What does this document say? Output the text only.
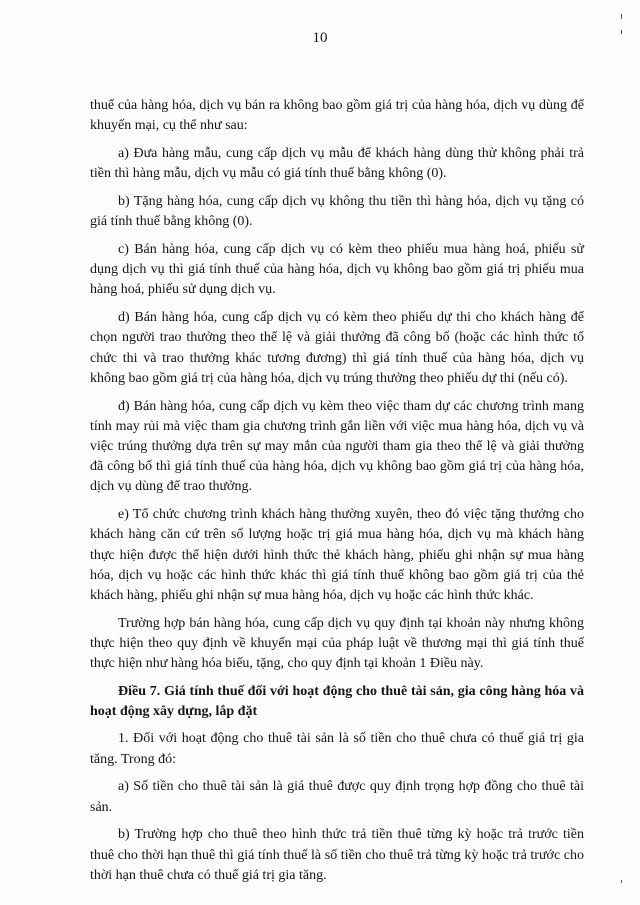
10

thuế của hàng hóa, dịch vụ bán ra không bao gồm giá trị của hàng hóa, dịch vụ dùng để khuyến mại, cụ thể như sau:

a) Đưa hàng mẫu, cung cấp dịch vụ mẫu để khách hàng dùng thử không phải trả tiền thì hàng mẫu, dịch vụ mẫu có giá tính thuế bằng không (0).

b) Tặng hàng hóa, cung cấp dịch vụ không thu tiền thì hàng hóa, dịch vụ tặng có giá tính thuế bằng không (0).

c) Bán hàng hóa, cung cấp dịch vụ có kèm theo phiếu mua hàng hoá, phiếu sử dụng dịch vụ thì giá tính thuế của hàng hóa, dịch vụ không bao gồm giá trị phiếu mua hàng hoá, phiếu sử dụng dịch vụ.

d) Bán hàng hóa, cung cấp dịch vụ có kèm theo phiếu dự thi cho khách hàng để chọn người trao thưởng theo thể lệ và giải thưởng đã công bố (hoặc các hình thức tổ chức thi và trao thưởng khác tương đương) thì giá tính thuế của hàng hóa, dịch vụ không bao gồm giá trị của hàng hóa, dịch vụ trúng thưởng theo phiếu dự thi (nếu có).

đ) Bán hàng hóa, cung cấp dịch vụ kèm theo việc tham dự các chương trình mang tính may rủi mà việc tham gia chương trình gắn liền với việc mua hàng hóa, dịch vụ và việc trúng thưởng dựa trên sự may mắn của người tham gia theo thể lệ và giải thưởng đã công bố thì giá tính thuế của hàng hóa, dịch vụ không bao gồm giá trị của hàng hóa, dịch vụ dùng để trao thưởng.

e) Tổ chức chương trình khách hàng thường xuyên, theo đó việc tặng thưởng cho khách hàng căn cứ trên số lượng hoặc trị giá mua hàng hóa, dịch vụ mà khách hàng thực hiện được thể hiện dưới hình thức thẻ khách hàng, phiếu ghi nhận sự mua hàng hóa, dịch vụ hoặc các hình thức khác thì giá tính thuế không bao gồm giá trị của thẻ khách hàng, phiếu ghi nhận sự mua hàng hóa, dịch vụ hoặc các hình thức khác.

Trường hợp bán hàng hóa, cung cấp dịch vụ quy định tại khoản này nhưng không thực hiện theo quy định về khuyến mại của pháp luật về thương mại thì giá tính thuế thực hiện như hàng hóa biếu, tặng, cho quy định tại khoản 1 Điều này.

Điều 7. Giá tính thuế đối với hoạt động cho thuê tài sản, gia công hàng hóa và hoạt động xây dựng, lắp đặt

1. Đối với hoạt động cho thuê tài sản là số tiền cho thuê chưa có thuế giá trị gia tăng. Trong đó:

a) Số tiền cho thuê tài sản là giá thuê được quy định trọng hợp đồng cho thuê tài sản.

b) Trường hợp cho thuê theo hình thức trả tiền thuê từng kỳ hoặc trả trước tiền thuê cho thời hạn thuê thì giá tính thuế là số tiền cho thuê trả từng kỳ hoặc trả trước cho thời hạn thuê chưa có thuế giá trị gia tăng.
